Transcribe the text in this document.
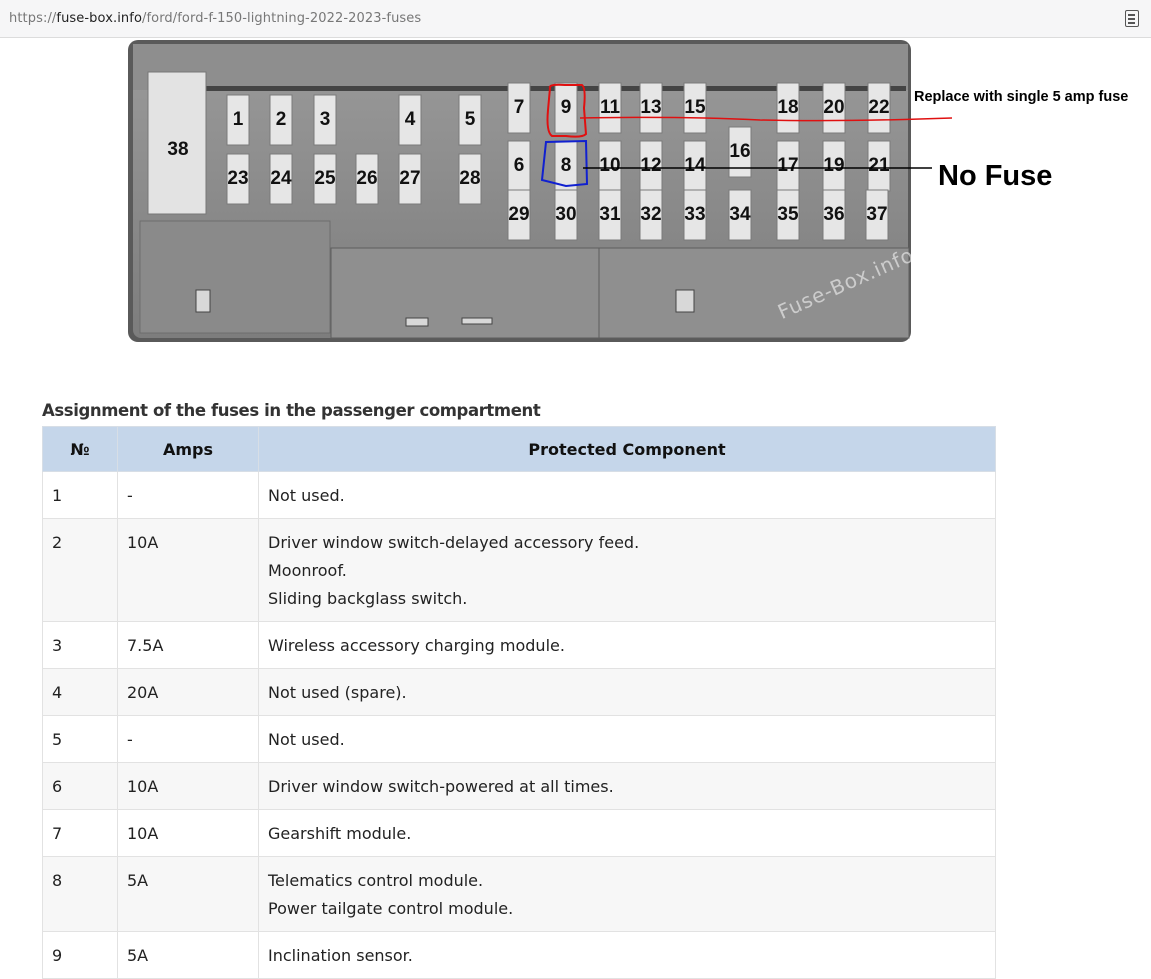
https://fuse-box.info/ford/ford-f-150-lightning-2022-2023-fuses
38
1 2 3	4	5
7 9 11 13 15	18 20 22
16
6 8 10 12 14	17 19 21
23 24 25 26 27 28
29 30 31 32 33 34 35 36 37
Replace with single 5 amp fuse
No Fuse
Fuse-Box.info
Assignment of the fuses in the passenger compartment
№	Amps	Protected Component
1	-	Not used.

2	10A	Driver window switch-delayed accessory feed.
Moonroof.
Sliding backglass switch.

3	7.5A	Wireless accessory charging module.

4	20A	Not used (spare).

5	-	Not used.

6	10A	Driver window switch-powered at all times.

7	10A	Gearshift module.

8	5A	Telematics control module.
Power tailgate control module.

9	5A	Inclination sensor.
